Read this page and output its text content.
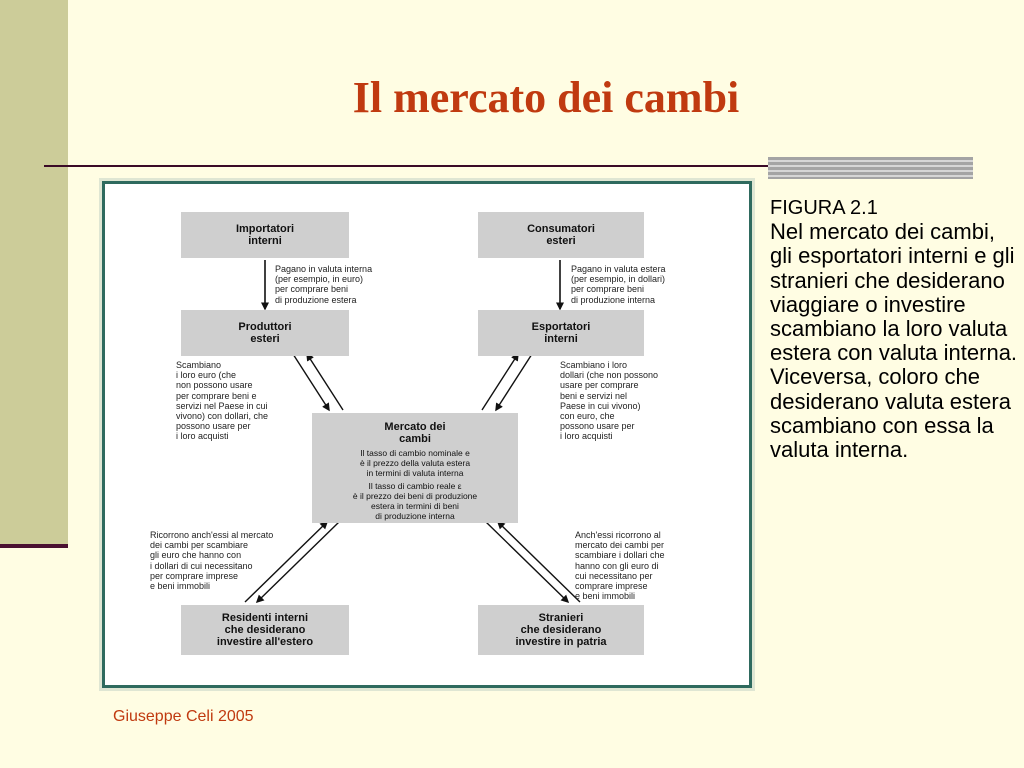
Il mercato dei cambi
Importatori
interni
Consumatori
esteri
Produttori
esteri
Esportatori
interni
Mercato dei
cambi
Il tasso di cambio nominale e
è il prezzo della valuta estera
in termini di valuta interna
Il tasso di cambio reale ε
è il prezzo dei beni di produzione
estera in termini di beni
di produzione interna
Residenti interni
che desiderano
investire all'estero
Stranieri
che desiderano
investire in patria
Pagano in valuta interna
(per esempio, in euro)
per comprare beni
di produzione estera
Pagano in valuta estera
(per esempio, in dollari)
per comprare beni
di produzione interna
Scambiano
i loro euro (che
non possono usare
per comprare beni e
servizi nel Paese in cui
vivono) con dollari, che
possono usare per
i loro acquisti
Scambiano i loro
dollari (che non possono
usare per comprare
beni e servizi nel
Paese in cui vivono)
con euro, che
possono usare per
i loro acquisti
Ricorrono anch'essi al mercato
dei cambi per scambiare
gli euro che hanno con
i dollari di cui necessitano
per comprare imprese
e beni immobili
Anch'essi ricorrono al
mercato dei cambi per
scambiare i dollari che
hanno con gli euro di
cui necessitano per
comprare imprese
e beni immobili
FIGURA 2.1
Nel mercato dei cambi, gli esportatori interni e gli stranieri che desiderano viaggiare o investire scambiano la loro valuta estera con valuta interna. Viceversa, coloro che desiderano valuta estera scambiano con essa la valuta interna.
Giuseppe Celi 2005
